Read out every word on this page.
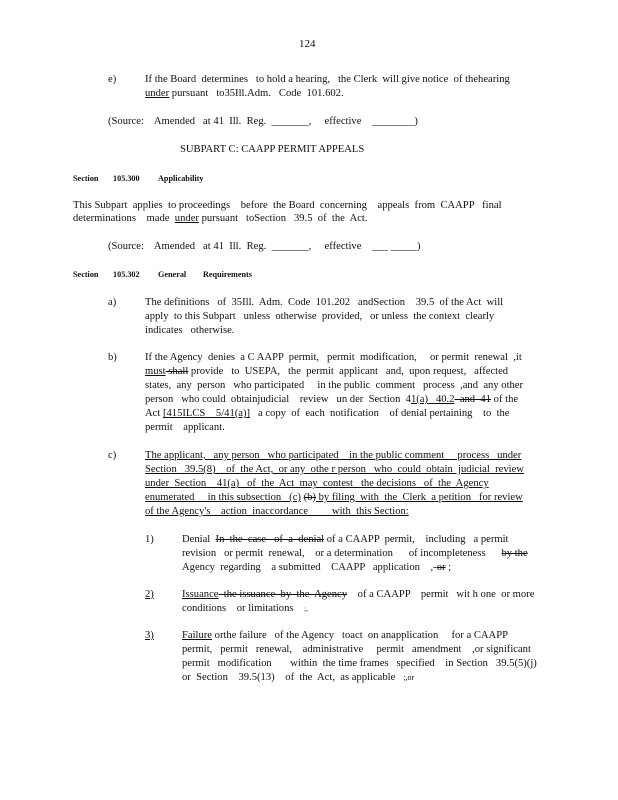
124
e)	If the Board  determines   to hold a hearing,   the Clerk  will give notice  of thehearing
under pursuant   to35Ill.Adm.   Code  101.602.
(Source:    Amended   at 41  Ill.  Reg.  _______,     effective    ________)
SUBPART C: CAAPP PERMIT APPEALS
Section 105.300 Applicability
This Subpart  applies  to proceedings    before  the Board  concerning    appeals  from  CAAPP   final
determinations    made  under pursuant   toSection   39.5  of  the  Act.
(Source:    Amended   at 41  Ill.  Reg.  _______,     effective    ___ _____)
Section 105.302 General Requirements
a)	The definitions   of  35Ill.  Adm.  Code  101.202   andSection    39.5  of the Act  will
apply  to this Subpart   unless  otherwise  provided,   or unless  the context  clearly
indicates   otherwise.
b)	If the Agency  denies  a C AAPP  permit,   permit  modification,     or permit  renewal  ,it
must shall provide   to  USEPA,   the  permit  applicant   and,  upon request,   affected
states,  any  person   who participated     in the public  comment   process  ,and  any other
person   who could  obtainjudicial    review   un der  Section  41(a)   40.2  and  41 of the
Act [415ILCS    5/41(a)]   a copy  of  each  notification    of denial pertaining    to  the
permit    applicant.
c)	The applicant,   any person   who participated    in the public comment     process   under
Section   39.5(8)    of  the Act,  or any  othe r person   who  could  obtain  judicial  review
under  Section    41(a)   of  the  Act  may  contest   the decisions   of  the  Agency
enumerated     in this subsection   (c) (b) by filing  with  the  Clerk  a petition   for review
of the Agency's    action  inaccordance         with  this Section:
1)	Denial  In  the  case   of  a  denial of a CAAPP  permit,    including   a permit
revision   or permit  renewal,    or a determination      of incompleteness      by the
Agency  regarding    a submitted    CAAPP   application    ,-or ;
2)	Issuance  the issuance  by  the  Agency    of a CAAPP    permit   wit h one  or more
conditions    or limitations    ;,
3)	Failure orthe failure   of the Agency   toact  on anapplication     for a CAAPP
permit,   permit   renewal,    administrative     permit   amendment    ,or significant
permit   modification       within  the time frames   specified    in Section   39.5(5)(j)
or  Section    39.5(13)    of  the  Act,  as applicable   ;,or
